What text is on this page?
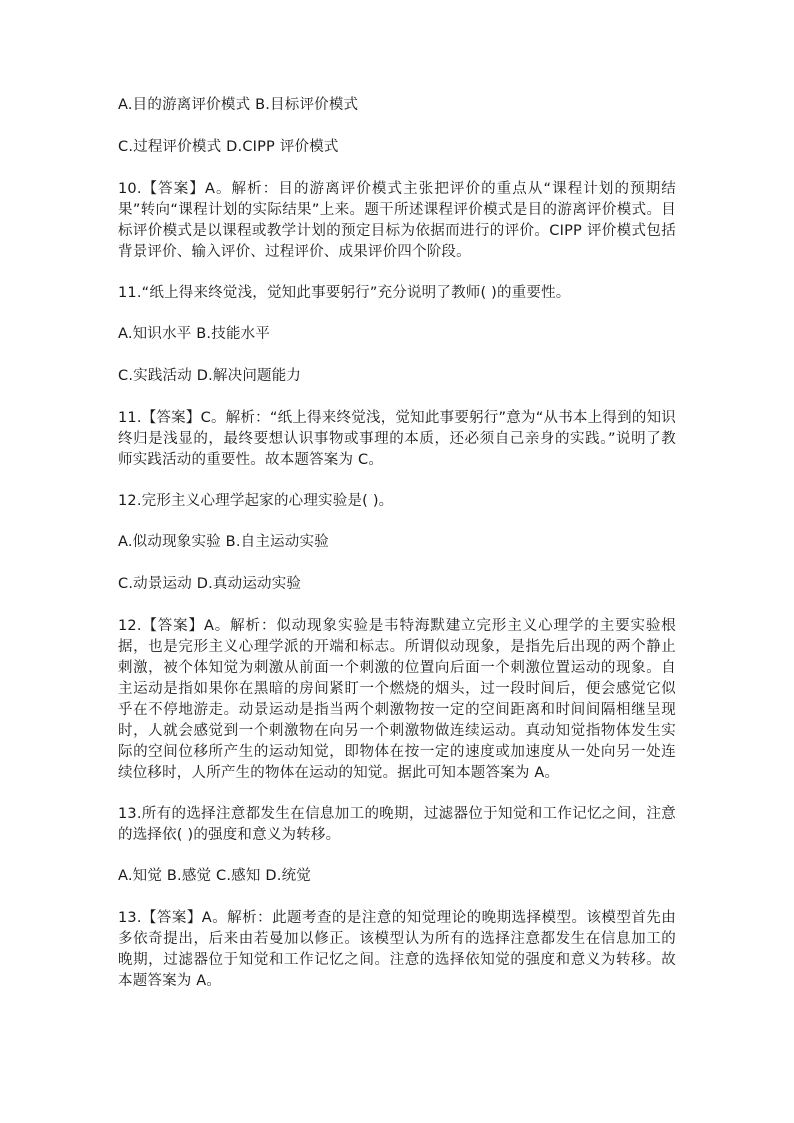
A.目的游离评价模式 B.目标评价模式

C.过程评价模式 D.CIPP 评价模式

10.【答案】A。解析：目的游离评价模式主张把评价的重点从“课程计划的预期结果”转向“课程计划的实际结果”上来。题干所述课程评价模式是目的游离评价模式。目标评价模式是以课程或教学计划的预定目标为依据而进行的评价。CIPP 评价模式包括背景评价、输入评价、过程评价、成果评价四个阶段。

11.“纸上得来终觉浅，觉知此事要躬行”充分说明了教师( )的重要性。

A.知识水平 B.技能水平

C.实践活动 D.解决问题能力

11.【答案】C。解析：“纸上得来终觉浅，觉知此事要躬行”意为“从书本上得到的知识终归是浅显的，最终要想认识事物或事理的本质，还必须自己亲身的实践。”说明了教师实践活动的重要性。故本题答案为 C。

12.完形主义心理学起家的心理实验是( )。

A.似动现象实验 B.自主运动实验

C.动景运动 D.真动运动实验

12.【答案】A。解析：似动现象实验是韦特海默建立完形主义心理学的主要实验根据，也是完形主义心理学派的开端和标志。所谓似动现象，是指先后出现的两个静止刺激，被个体知觉为刺激从前面一个刺激的位置向后面一个刺激位置运动的现象。自主运动是指如果你在黑暗的房间紧盯一个燃烧的烟头，过一段时间后，便会感觉它似乎在不停地游走。动景运动是指当两个刺激物按一定的空间距离和时间间隔相继呈现时，人就会感觉到一个刺激物在向另一个刺激物做连续运动。真动知觉指物体发生实际的空间位移所产生的运动知觉，即物体在按一定的速度或加速度从一处向另一处连续位移时，人所产生的物体在运动的知觉。据此可知本题答案为 A。

13.所有的选择注意都发生在信息加工的晚期，过滤器位于知觉和工作记忆之间，注意的选择依( )的强度和意义为转移。

A.知觉 B.感觉 C.感知 D.统觉

13.【答案】A。解析：此题考查的是注意的知觉理论的晚期选择模型。该模型首先由多依奇提出，后来由若曼加以修正。该模型认为所有的选择注意都发生在信息加工的晚期，过滤器位于知觉和工作记忆之间。注意的选择依知觉的强度和意义为转移。故本题答案为 A。
